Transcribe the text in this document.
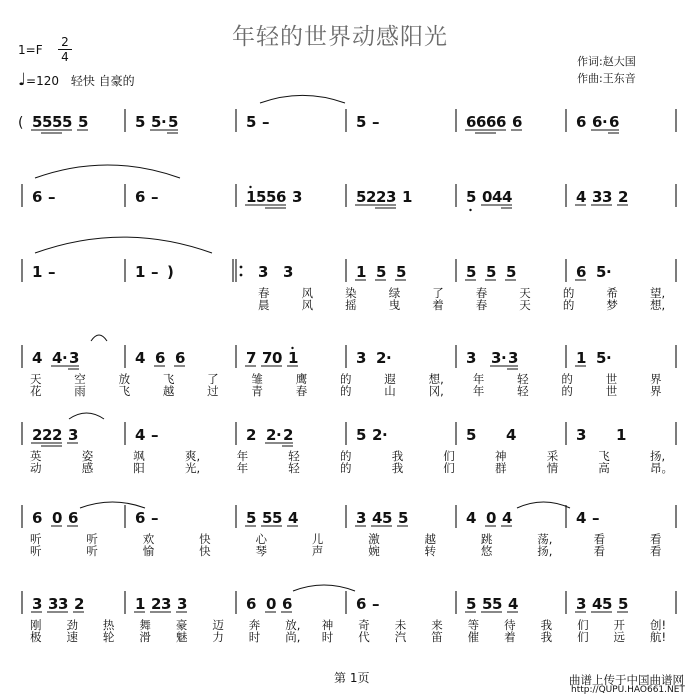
年轻的世界动感阳光
1=F
2
4
♩=120 轻快 自豪的
作词:赵大国
作曲:王东音
( 5 5 5 5 5	5 5 · 5	5 –	5 –	6 6 6 6 6	6 6 · 6
6 –	6 –	1 5 5 6 3	5 2 2 3 1	5 0 4 4	4 3 3 2
1 –	1 – )	3 3	1 5 5	5 5 5	6 5 ·
春	风	染	绿	了	春	天	的	希	望,
晨	风	摇	曳	着	春	天	的	梦	想,
4 4 · 3	4 6 6	7 7 0 1	3 2 ·	3 3 · 3	1 5 ·
天	空	放	飞	了	雏	鹰	的	遐	想,	年	轻	的	世	界
花	雨	飞	越	过	青	春	的	山	冈,	年	轻	的	世	界
2 2 2 3	4 –	2 2 · 2	5 2 ·	5 4	3 1
英	姿	飒	爽,	年	轻	的	我	们	神	采	飞	扬,
动	感	阳	光,	年	轻	的	我	们	群	情	高	昂。
6 0 6	6 –	5 5 5 4	3 4 5 5	4 0 4	4 –
听	听	欢	快	心	儿	激	越	跳	荡,	看	看
听	听	愉	快	琴	声	婉	转	悠	扬,	看	看
3 3 3 2	1 2 3 3	6 0 6	6 –	5 5 5 4	3 4 5 5
刚 劲 热 舞 豪 迈 奔 放, 神 奇 未 来 等 待 我 们 开 创!
极 速 轮 滑 魅 力 时 尚, 时 代 汽 笛 催 着 我 们 远 航!
第 1页	曲谱上传于中国曲谱网
http://QUPU.HAO661.NET
